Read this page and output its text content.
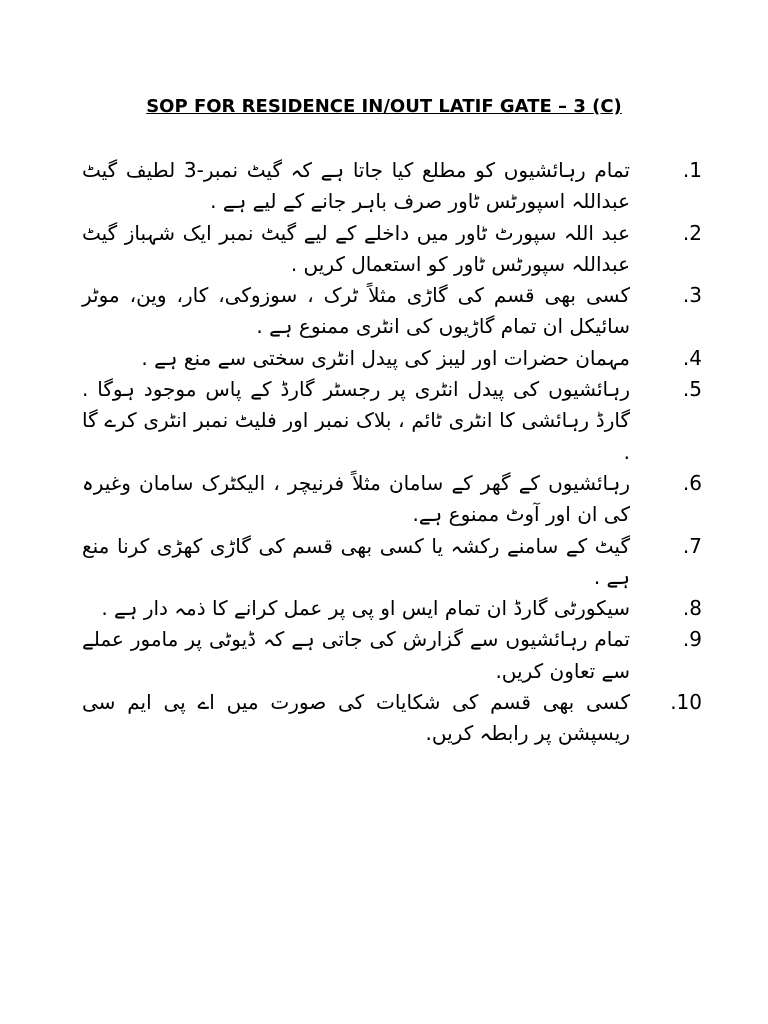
SOP FOR RESIDENCE IN/OUT LATIF GATE – 3 (C)
تمام رہائشیوں کو مطلع کیا جاتا ہے کہ گیٹ نمبر-3 لطیف گیٹ عبداللہ اسپورٹس ٹاور صرف باہر جانے کے لیے ہے .
.1
عبد اللہ سپورٹ ٹاور میں داخلے کے لیے گیٹ نمبر ایک شہباز گیٹ عبداللہ سپورٹس ٹاور کو استعمال کریں .
.2
کسی بھی قسم کی گاڑی مثلاً ٹرک ، سوزوکی، کار، وین، موٹر سائیکل ان تمام گاڑیوں کی انٹری ممنوع ہے .
.3
مہمان حضرات اور لیبز کی پیدل انٹری سختی سے منع ہے .	.4
رہائشیوں کی پیدل انٹری پر رجسٹر گارڈ کے پاس موجود ہوگا . گارڈ رہائشی کا انٹری ٹائم ، بلاک نمبر اور فلیٹ نمبر انٹری کرے گا .
.5
رہائشیوں کے گھر کے سامان مثلاً فرنیچر ، الیکٹرک سامان وغیرہ کی ان اور آوٹ ممنوع ہے.
.6
گیٹ کے سامنے رکشہ یا کسی بھی قسم کی گاڑی کھڑی کرنا منع ہے .
.7
سیکورٹی گارڈ ان تمام ایس او پی پر عمل کرانے کا ذمہ دار ہے .	.8
تمام رہائشیوں سے گزارش کی جاتی ہے کہ ڈیوٹی پر مامور عملے سے تعاون کریں.
.9
کسی بھی قسم کی شکایات کی صورت میں اے پی ایم سی ریسپشن پر رابطہ کریں.
.10
